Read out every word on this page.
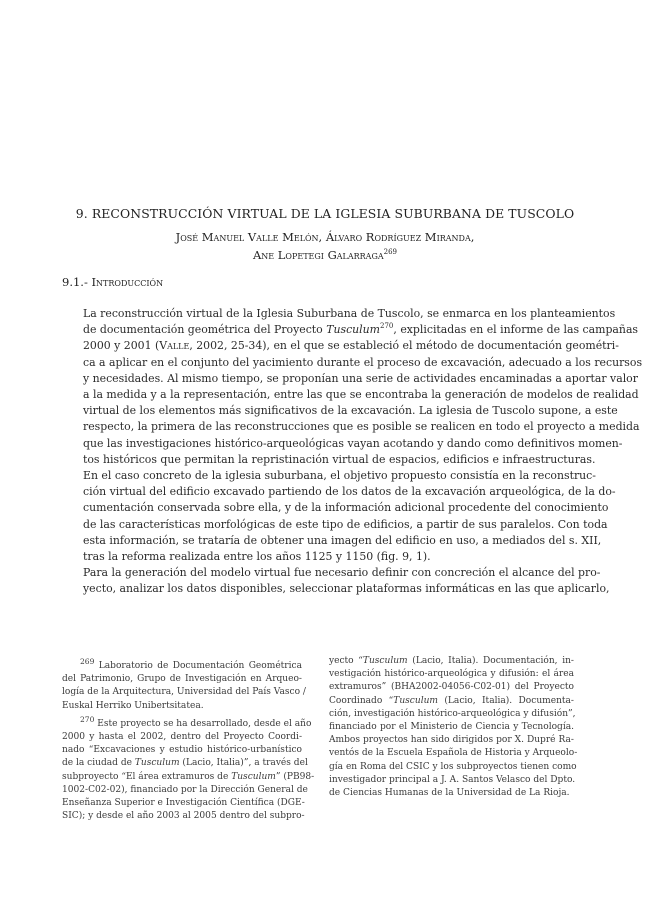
9. RECONSTRUCCIÓN VIRTUAL DE LA IGLESIA SUBURBANA DE TUSCOLO
José Manuel Valle Melón, Álvaro Rodríguez Miranda,
Ane Lopetegi Galarraga$^{269}$
9.1.- Introducción

La reconstrucción virtual de la Iglesia Suburbana de Tuscolo, se enmarca en los planteamientos
de documentación geométrica del Proyecto Tusculum$^{270}$, explicitadas en el informe de las campañas
2000 y 2001 (Valle, 2002, 25-34), en el que se estableció el método de documentación geométri-
ca a aplicar en el conjunto del yacimiento durante el proceso de excavación, adecuado a los recursos
y necesidades. Al mismo tiempo, se proponían una serie de actividades encaminadas a aportar valor
a la medida y a la representación, entre las que se encontraba la generación de modelos de realidad
virtual de los elementos más significativos de la excavación. La iglesia de Tuscolo supone, a este
respecto, la primera de las reconstrucciones que es posible se realicen en todo el proyecto a medida
que las investigaciones histórico-arqueológicas vayan acotando y dando como definitivos momen-
tos históricos que permitan la repristinación virtual de espacios, edificios e infraestructuras.

En el caso concreto de la iglesia suburbana, el objetivo propuesto consistía en la reconstruc-
ción virtual del edificio excavado partiendo de los datos de la excavación arqueológica, de la do-
cumentación conservada sobre ella, y de la información adicional procedente del conocimiento
de las características morfológicas de este tipo de edificios, a partir de sus paralelos. Con toda
esta información, se trataría de obtener una imagen del edificio en uso, a mediados del s. XII,
tras la reforma realizada entre los años 1125 y 1150 (fig. 9, 1).

Para la generación del modelo virtual fue necesario definir con concreción el alcance del pro-
yecto, analizar los datos disponibles, seleccionar plataformas informáticas en las que aplicarlo,

$^{269}$ Laboratorio de Documentación Geométrica
del Patrimonio, Grupo de Investigación en Arqueo-
logía de la Arquitectura, Universidad del País Vasco /
Euskal Herriko Unibertsitatea.
$^{270}$ Este proyecto se ha desarrollado, desde el año
2000 y hasta el 2002, dentro del Proyecto Coordi-
nado “Excavaciones y estudio histórico-urbanístico
de la ciudad de Tusculum (Lacio, Italia)”, a través del
subproyecto “El área extramuros de Tusculum” (PB98-
1002-C02-02), financiado por la Dirección General de
Enseñanza Superior e Investigación Científica (DGE-
SIC); y desde el año 2003 al 2005 dentro del subpro-
yecto “Tusculum (Lacio, Italia). Documentación, in-
vestigación histórico-arqueológica y difusión: el área
extramuros” (BHA2002-04056-C02-01) del Proyecto
Coordinado “Tusculum (Lacio, Italia). Documenta-
ción, investigación histórico-arqueológica y difusión”,
financiado por el Ministerio de Ciencia y Tecnología.
Ambos proyectos han sido dirigidos por X. Dupré Ra-
ventós de la Escuela Española de Historia y Arqueolo-
gía en Roma del CSIC y los subproyectos tienen como
investigador principal a J. A. Santos Velasco del Dpto.
de Ciencias Humanas de la Universidad de La Rioja.
